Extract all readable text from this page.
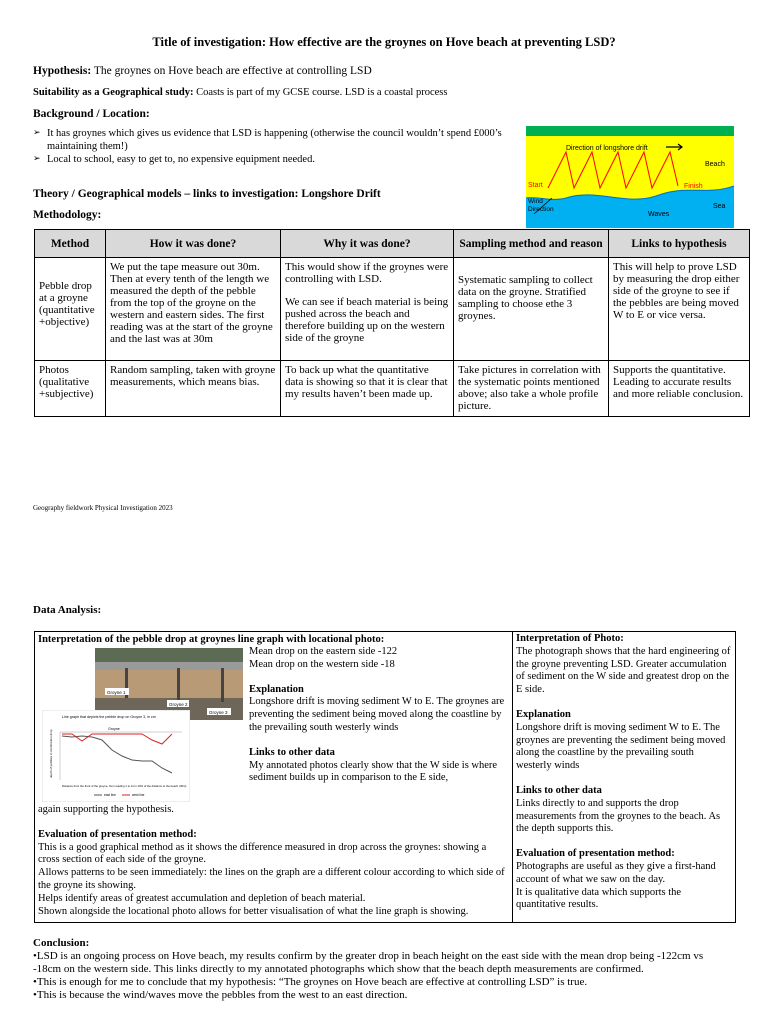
Title of investigation: How effective are the groynes on Hove beach at preventing LSD?
Hypothesis: The groynes on Hove beach are effective at controlling LSD
Suitability as a Geographical study: Coasts is part of my GCSE course. LSD is a coastal process
Background / Location:
➢ It has groynes which gives us evidence that LSD is happening (otherwise the council wouldn’t spend £000’s maintaining them!)
➢ Local to school, easy to get to, no expensive equipment needed.
Direction of longshore drift
Beach
Start	Finish
Wind
Direction
Waves
Sea
Theory / Geographical models – links to investigation: Longshore Drift
Methodology:
Method	How it was done?	Why it was done?	Sampling method and reason	Links to hypothesis
Pebble drop at a groyne (quantitative +objective)	We put the tape measure out 30m. Then at every tenth of the length we measured the depth of the pebble from the top of the groyne on the western and eastern sides. The first reading was at the start of the groyne and the last was at 30m	This would show if the groynes were controlling with LSD.
We can see if beach material is being pushed across the beach and therefore building up on the western side of the groyne	Systematic sampling to collect data on the groyne. Stratified sampling to choose ethe 3 groynes.	This will help to prove LSD by measuring the drop either side of the groyne to see if the pebbles are being moved W to E or vice versa.
Photos (qualitative +subjective)	Random sampling, taken with groyne measurements, which means bias.	To back up what the quantitative data is showing so that it is clear that my results haven’t been made up.	Take pictures in correlation with the systematic points mentioned above; also take a whole profile picture.	Supports the quantitative. Leading to accurate results and more reliable conclusion.
Geography fieldwork Physical Investigation 2023
Data Analysis:
Interpretation of the pebble drop at groynes line graph with locational photo:
Groyne 1
Groyne 2
Groyne 3
Line graph that depicts the pebble drop on Groyne 3, in cm
Groyne
depth of pebbles in centimeters drop
Distance from the front of the groyne, from reading 1 to 11 in 10% of the distance to the beach (30m).
east line	west line
Mean drop on the eastern side -122
Mean drop on the western side -18
Explanation
Longshore drift is moving sediment W to E. The groynes are preventing the sediment being moved along the coastline by the prevailing south westerly winds
Links to other data
My annotated photos clearly show that the W side is where sediment builds up in comparison to the E side,
again supporting the hypothesis.
Evaluation of presentation method:
This is a good graphical method as it shows the difference measured in drop across the groynes: showing a cross section of each side of the groyne.
Allows patterns to be seen immediately: the lines on the graph are a different colour according to which side of the groyne its showing.
Helps identify areas of greatest accumulation and depletion of beach material.
Shown alongside the locational photo allows for better visualisation of what the line graph is showing.
Interpretation of Photo:
The photograph shows that the hard engineering of the groyne preventing LSD. Greater accumulation of sediment on the W side and greatest drop on the E side.
Explanation
Longshore drift is moving sediment W to E. The groynes are preventing the sediment being moved along the coastline by the prevailing south westerly winds
Links to other data
Links directly to and supports the drop measurements from the groynes to the beach. As the depth supports this.
Evaluation of presentation method:
Photographs are useful as they give a first-hand account of what we saw on the day.
It is qualitative data which supports the quantitative results.
Conclusion:
•LSD is an ongoing process on Hove beach, my results confirm by the greater drop in beach height on the east side with the mean drop being -122cm vs -18cm on the western side. This links directly to my annotated photographs which show that the beach depth measurements are confirmed.
•This is enough for me to conclude that my hypothesis: “The groynes on Hove beach are effective at controlling LSD” is true.
•This is because the wind/waves move the pebbles from the west to an east direction.
